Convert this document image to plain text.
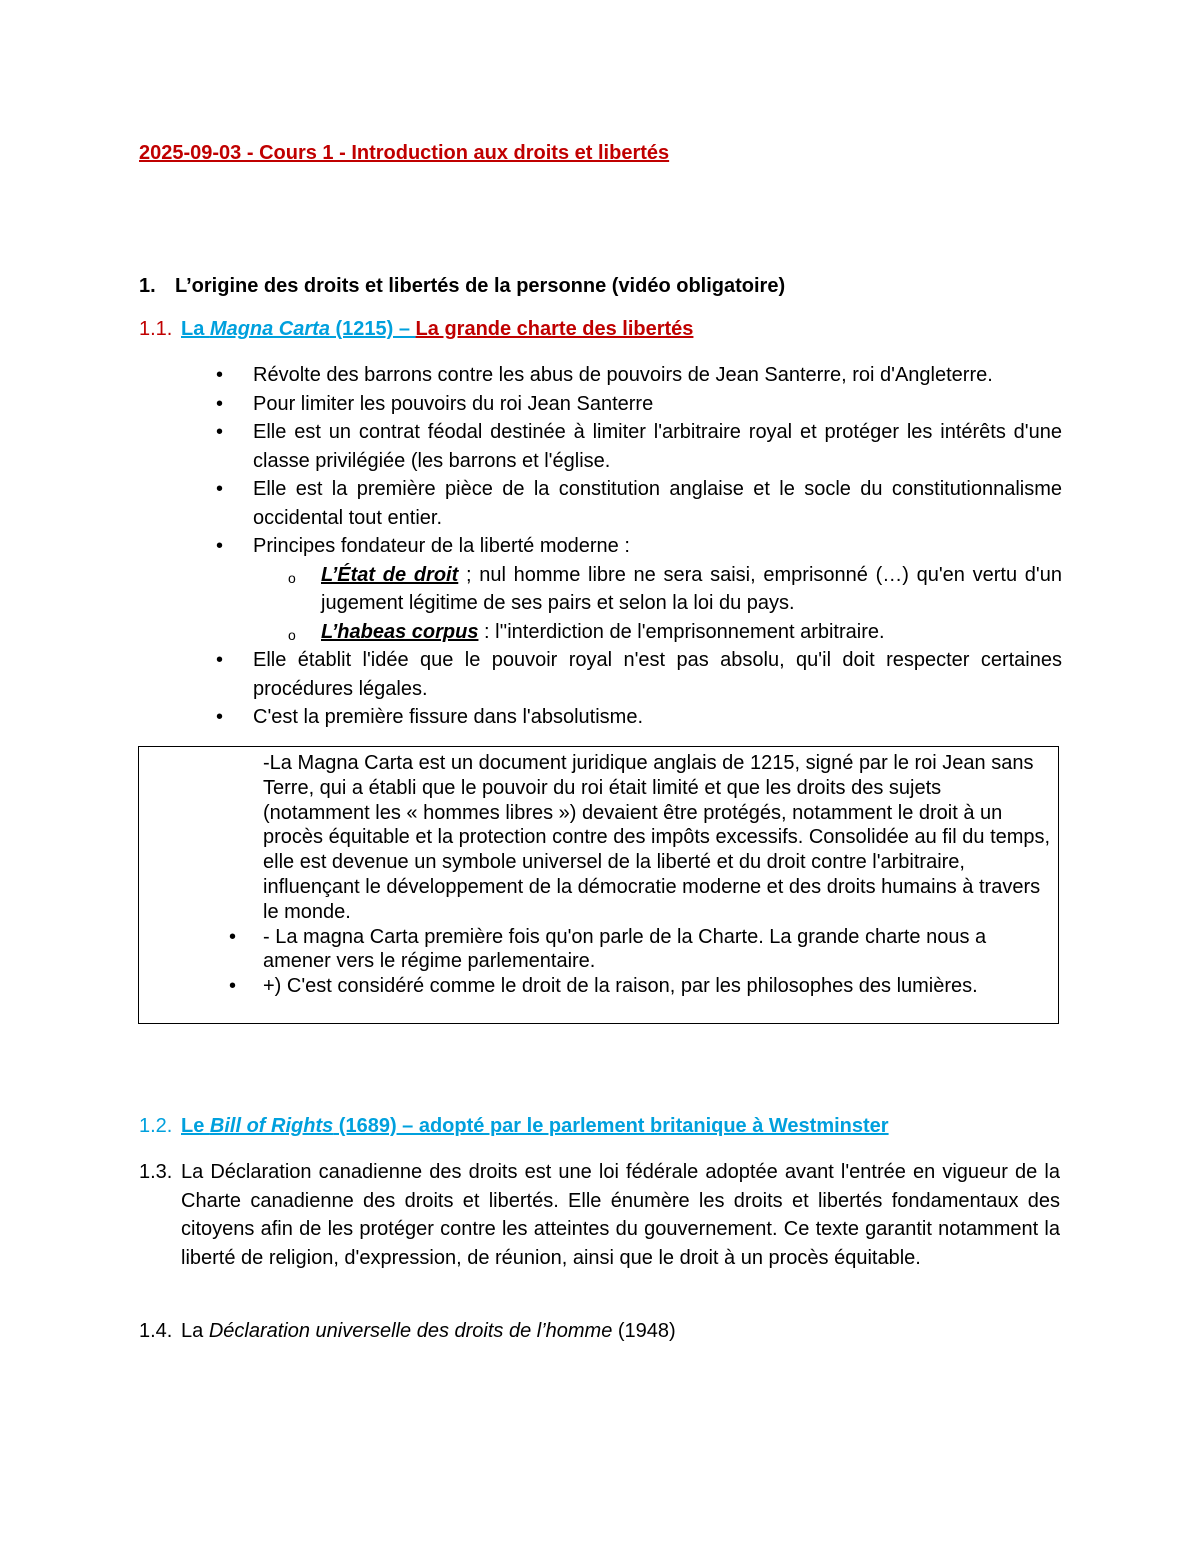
2025-09-03 - Cours 1 - Introduction aux droits et libertés

1. L’origine des droits et libertés de la personne (vidéo obligatoire)

1.1. La Magna Carta (1215) – La grande charte des libertés

• Révolte des barrons contre les abus de pouvoirs de Jean Santerre, roi d'Angleterre.
• Pour limiter les pouvoirs du roi Jean Santerre
• Elle est un contrat féodal destinée à limiter l'arbitraire royal et protéger les intérêts d'une classe privilégiée (les barrons et l'église.
• Elle est la première pièce de la constitution anglaise et le socle du constitutionnalisme occidental tout entier.
• Principes fondateur de la liberté moderne :
o L’État de droit ; nul homme libre ne sera saisi, emprisonné (…) qu'en vertu d'un jugement légitime de ses pairs et selon la loi du pays.
o L’habeas corpus : l''interdiction de l'emprisonnement arbitraire.
• Elle établit l'idée que le pouvoir royal n'est pas absolu, qu'il doit respecter certaines procédures légales.
• C'est la première fissure dans l'absolutisme.
-La Magna Carta est un document juridique anglais de 1215, signé par le roi Jean sans Terre, qui a établi que le pouvoir du roi était limité et que les droits des sujets (notamment les « hommes libres ») devaient être protégés, notamment le droit à un procès équitable et la protection contre des impôts excessifs. Consolidée au fil du temps, elle est devenue un symbole universel de la liberté et du droit contre l'arbitraire, influençant le développement de la démocratie moderne et des droits humains à travers le monde.
• - La magna Carta première fois qu'on parle de la Charte. La grande charte nous a amener vers le régime parlementaire.
• +) C'est considéré comme le droit de la raison, par les philosophes des lumières.

1.2. Le Bill of Rights (1689) – adopté par le parlement britanique à Westminster

1.3. La Déclaration canadienne des droits est une loi fédérale adoptée avant l'entrée en vigueur de la Charte canadienne des droits et libertés. Elle énumère les droits et libertés fondamentaux des citoyens afin de les protéger contre les atteintes du gouvernement. Ce texte garantit notamment la liberté de religion, d'expression, de réunion, ainsi que le droit à un procès équitable.
1.4. La Déclaration universelle des droits de l’homme (1948)
